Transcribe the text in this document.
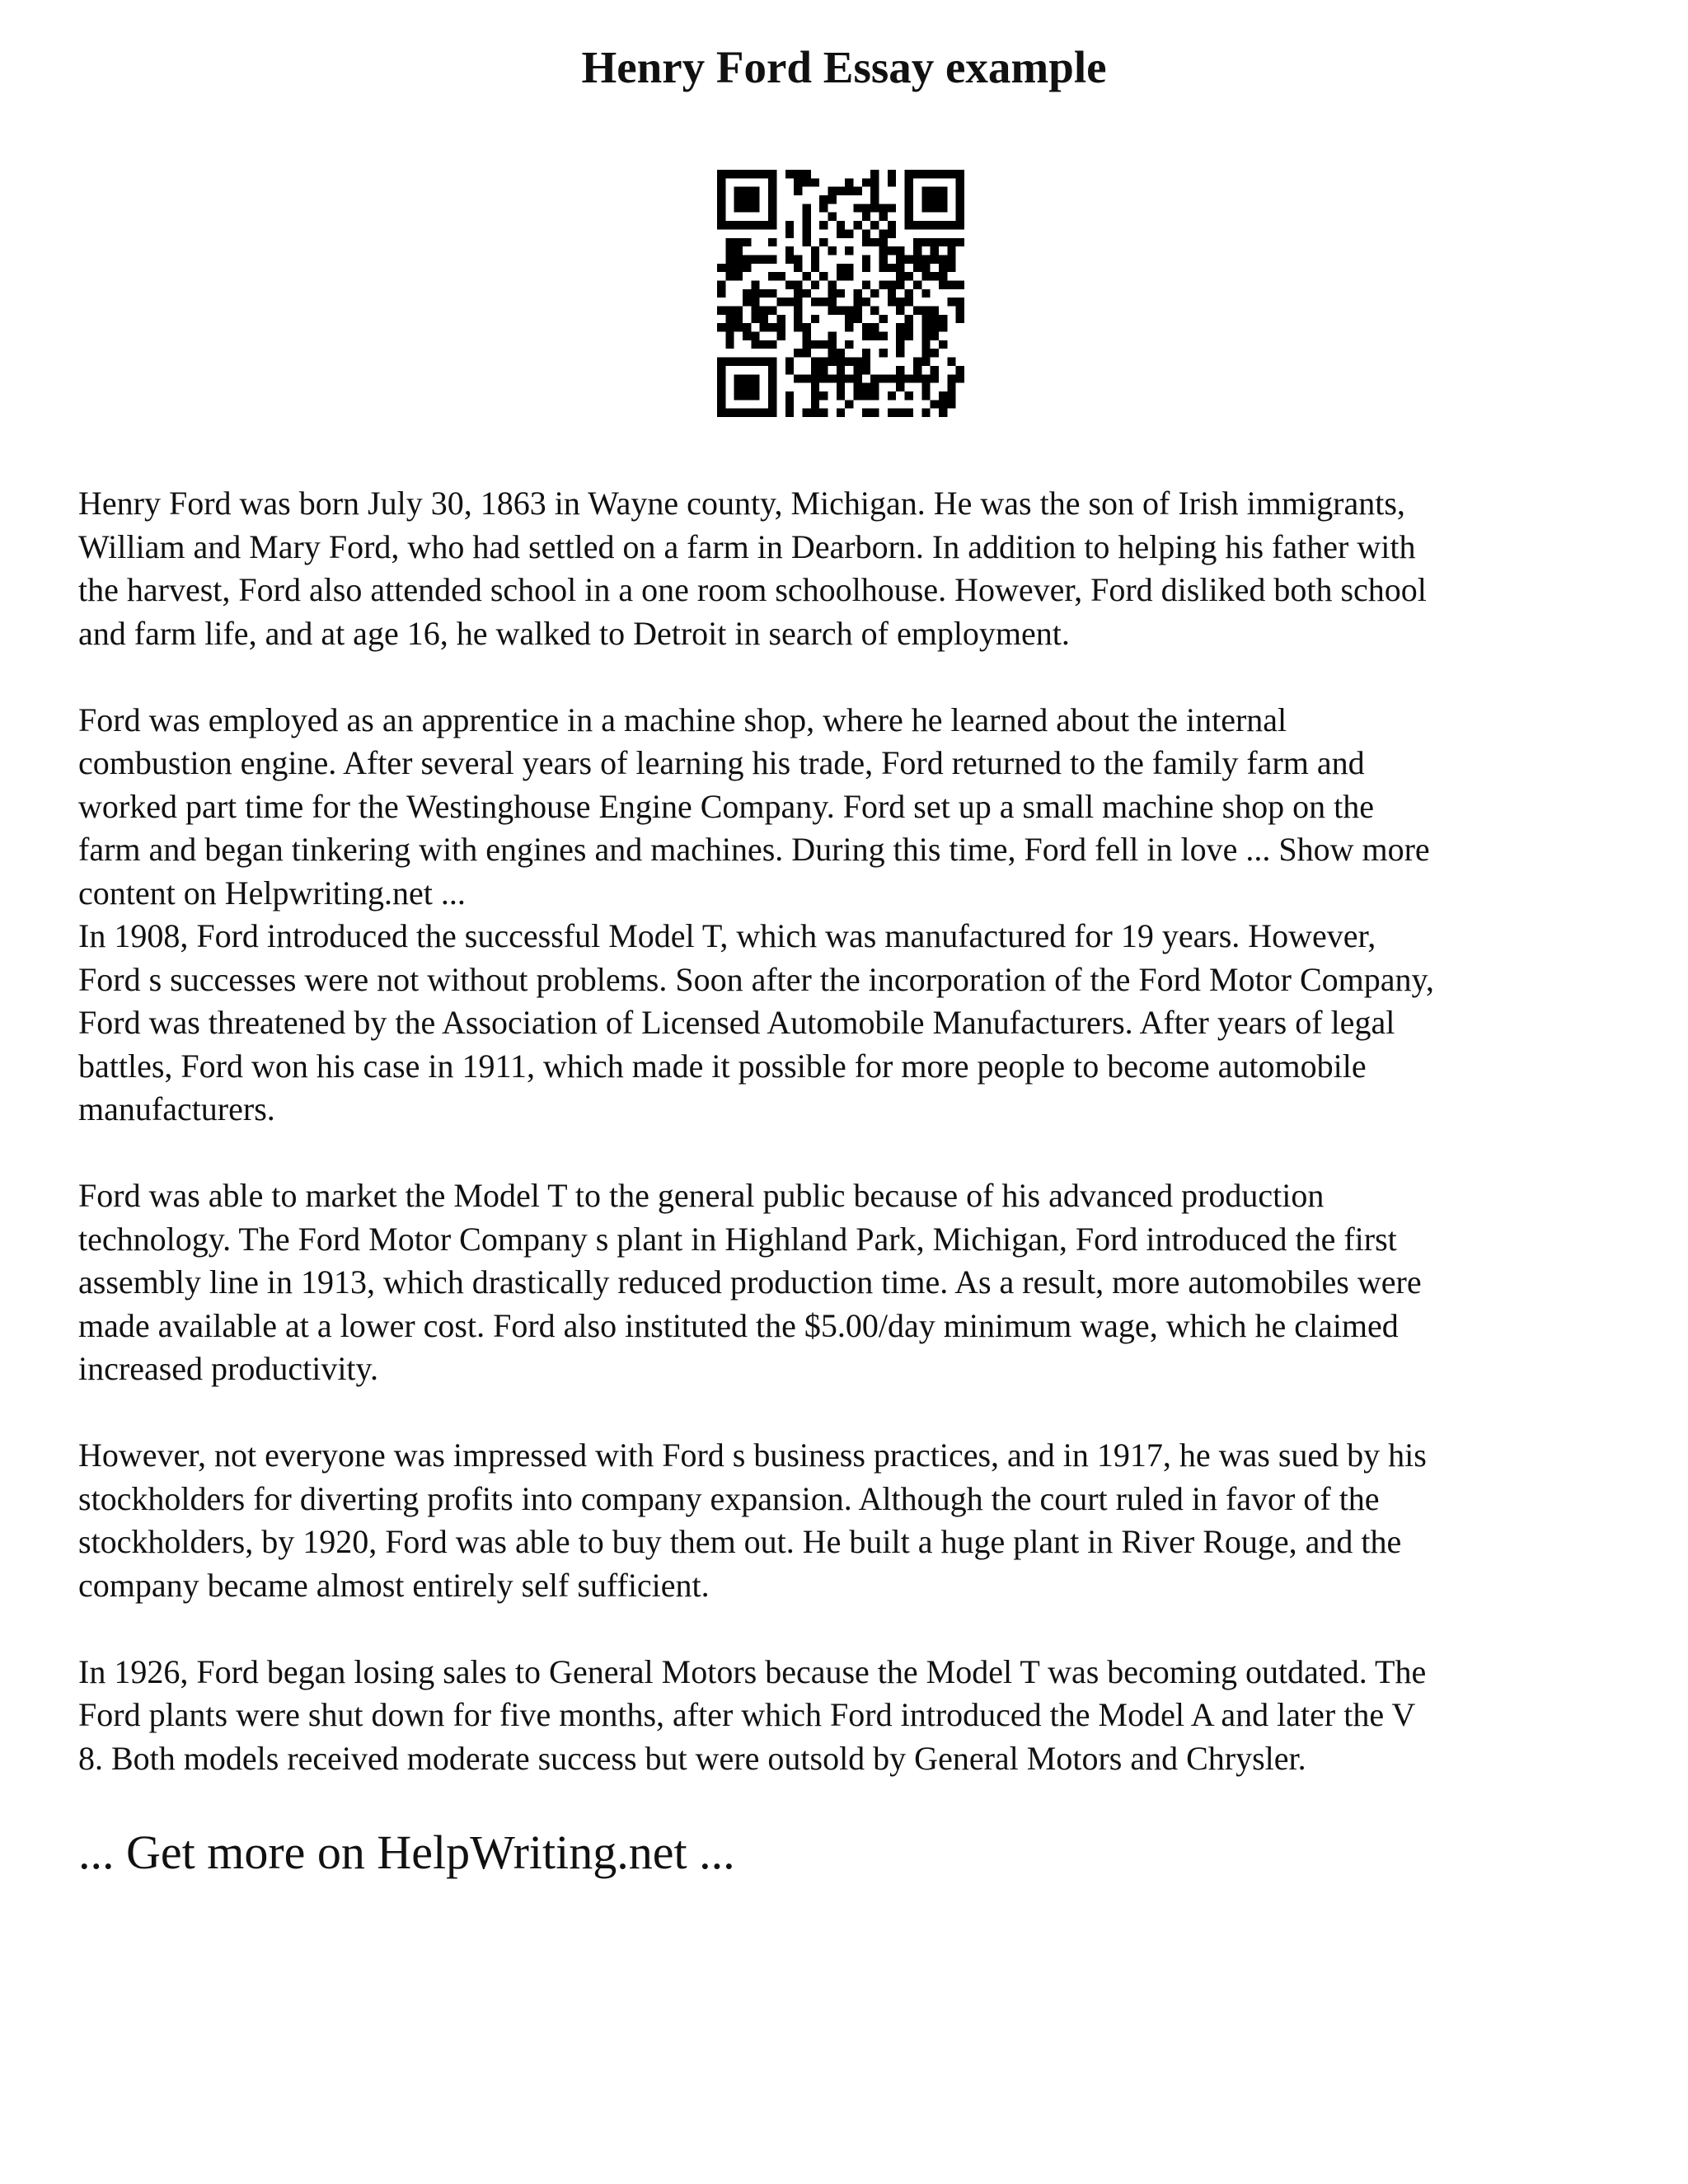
Henry Ford Essay example

Henry Ford was born July 30, 1863 in Wayne county, Michigan. He was the son of Irish immigrants,

William and Mary Ford, who had settled on a farm in Dearborn. In addition to helping his father with

the harvest, Ford also attended school in a one room schoolhouse. However, Ford disliked both school

and farm life, and at age 16, he walked to Detroit in search of employment.

Ford was employed as an apprentice in a machine shop, where he learned about the internal

combustion engine. After several years of learning his trade, Ford returned to the family farm and

worked part time for the Westinghouse Engine Company. Ford set up a small machine shop on the

farm and began tinkering with engines and machines. During this time, Ford fell in love ... Show more

content on Helpwriting.net ...

In 1908, Ford introduced the successful Model T, which was manufactured for 19 years. However,

Ford s successes were not without problems. Soon after the incorporation of the Ford Motor Company,

Ford was threatened by the Association of Licensed Automobile Manufacturers. After years of legal

battles, Ford won his case in 1911, which made it possible for more people to become automobile

manufacturers.

Ford was able to market the Model T to the general public because of his advanced production

technology. The Ford Motor Company s plant in Highland Park, Michigan, Ford introduced the first

assembly line in 1913, which drastically reduced production time. As a result, more automobiles were

made available at a lower cost. Ford also instituted the $5.00/day minimum wage, which he claimed

increased productivity.

However, not everyone was impressed with Ford s business practices, and in 1917, he was sued by his

stockholders for diverting profits into company expansion. Although the court ruled in favor of the

stockholders, by 1920, Ford was able to buy them out. He built a huge plant in River Rouge, and the

company became almost entirely self sufficient.

In 1926, Ford began losing sales to General Motors because the Model T was becoming outdated. The

Ford plants were shut down for five months, after which Ford introduced the Model A and later the V

8. Both models received moderate success but were outsold by General Motors and Chrysler.

... Get more on HelpWriting.net ...
